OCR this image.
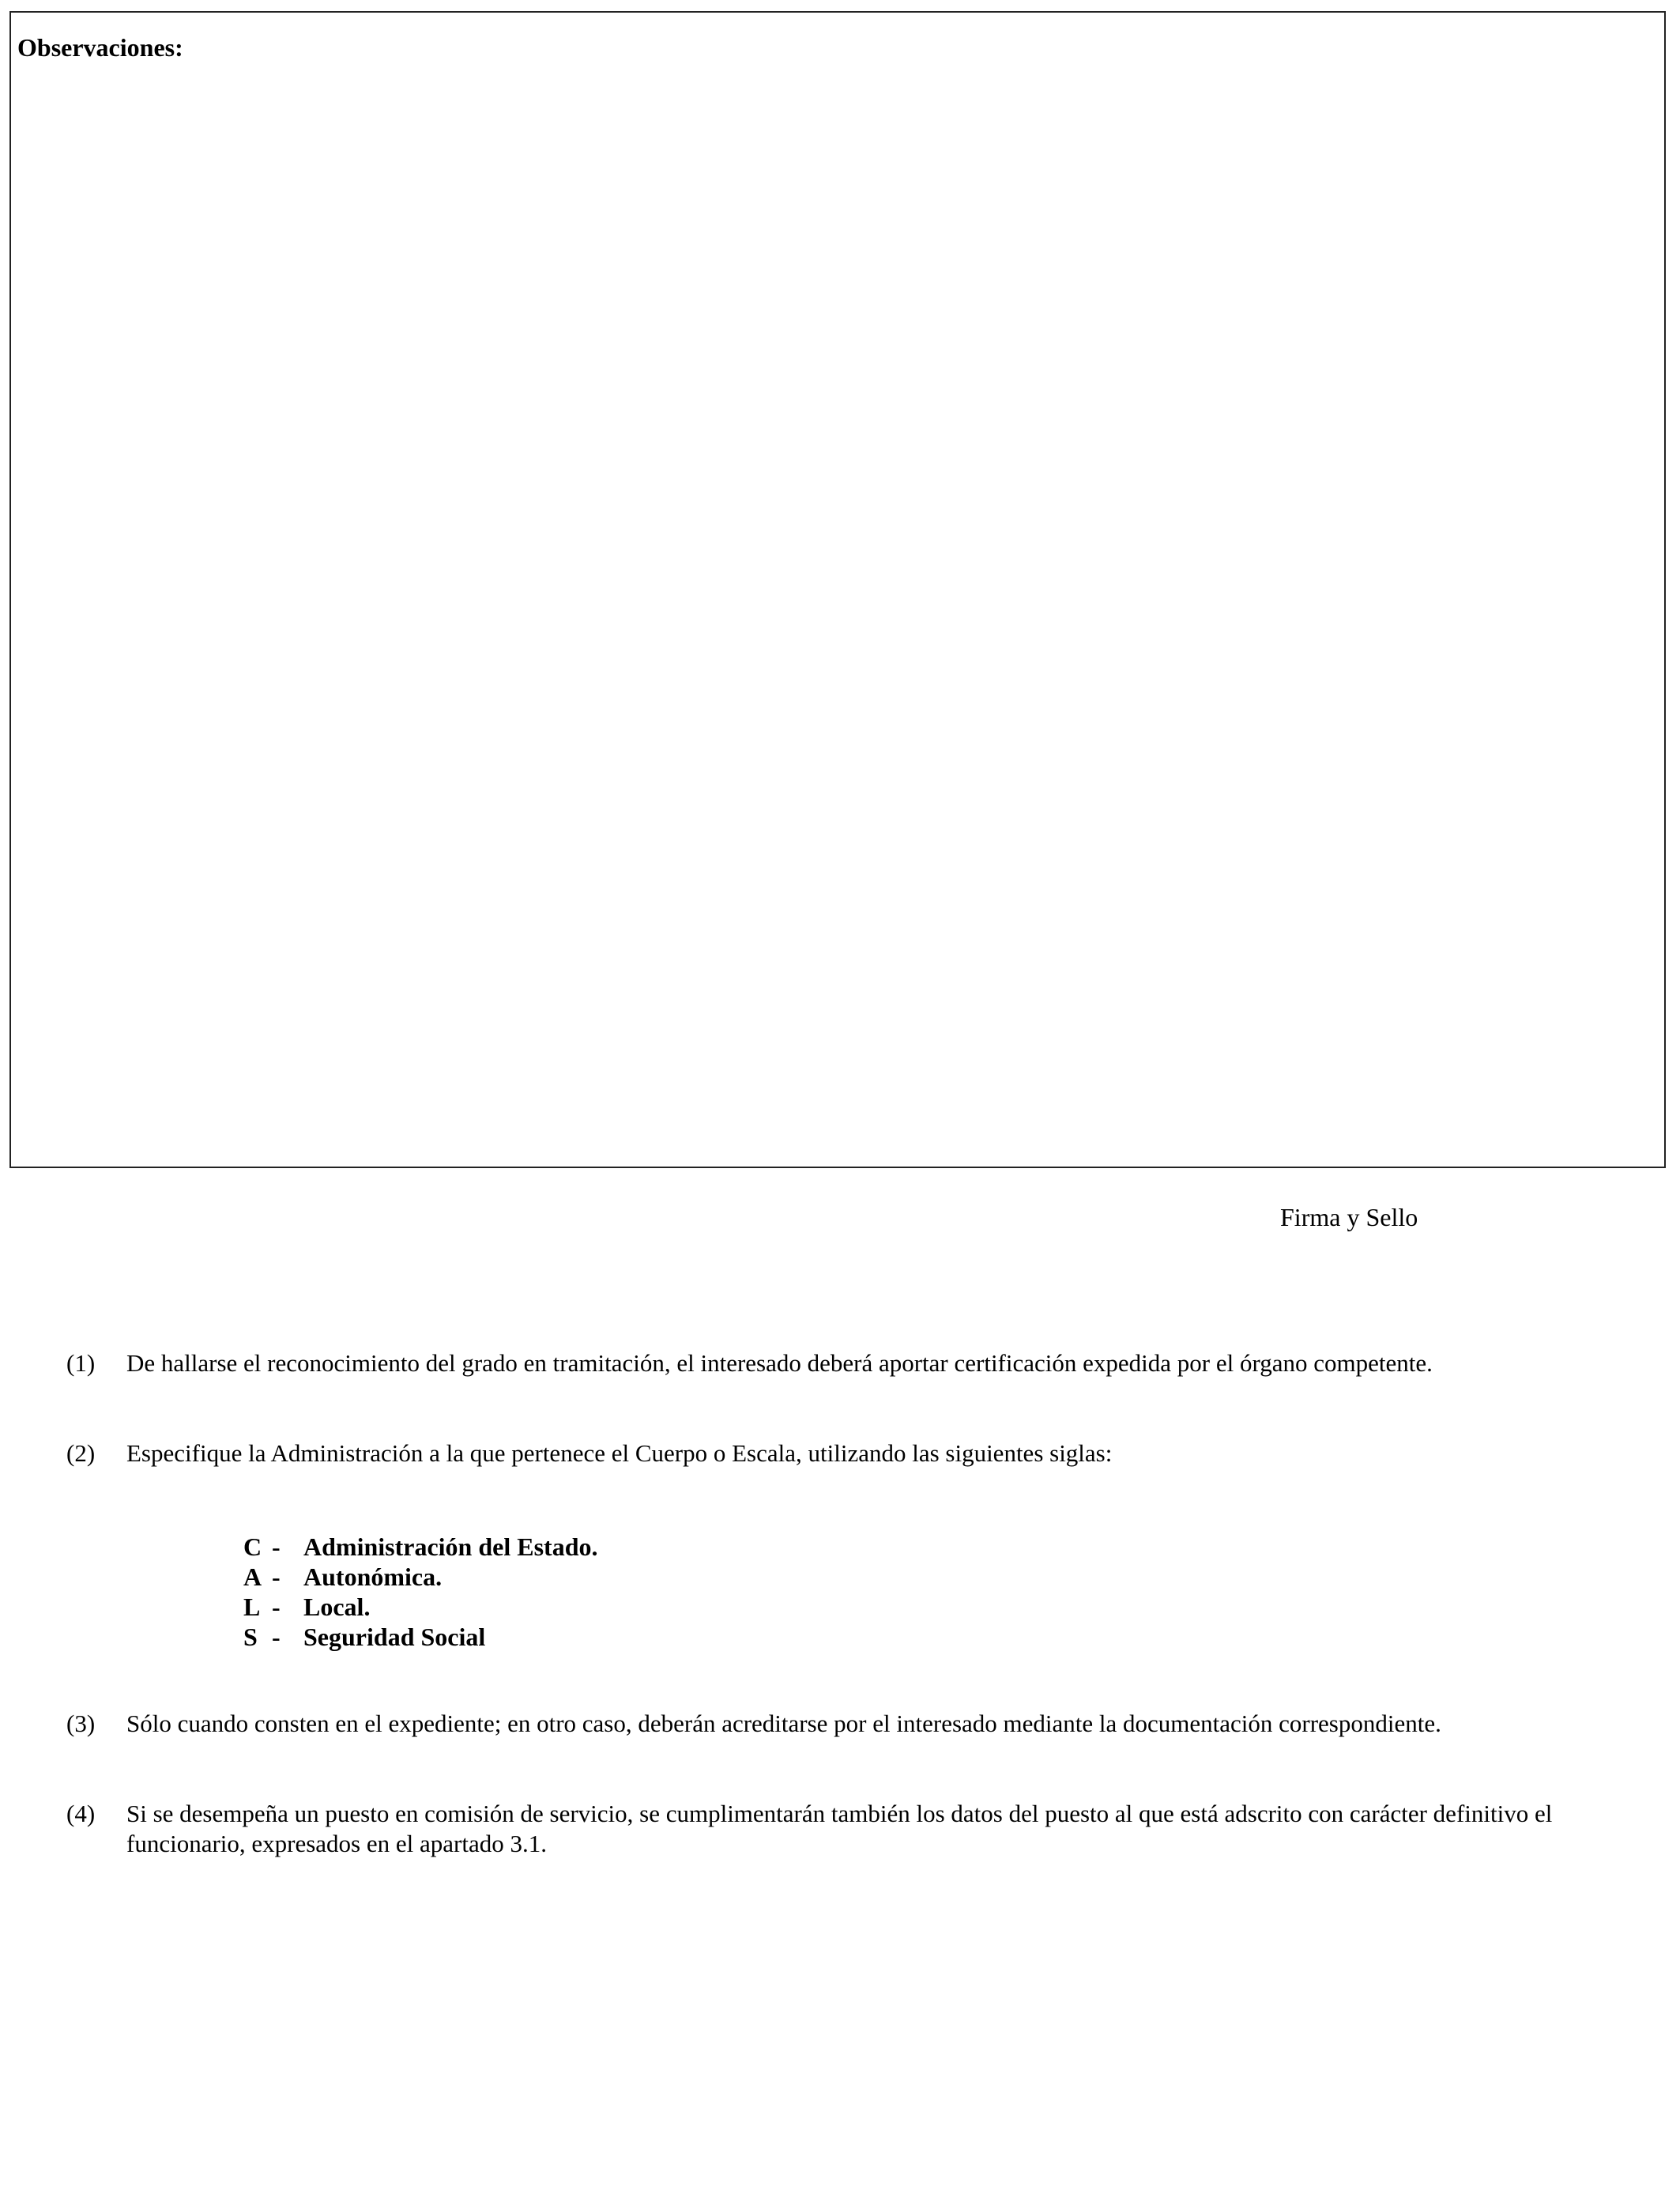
Observaciones:
Firma y Sello
(1)	De hallarse el reconocimiento del grado en tramitación, el interesado deberá aportar certificación expedida por el órgano competente.
(2)	Especifique la Administración a la que pertenece el Cuerpo o Escala, utilizando las siguientes siglas:
C - Administración del Estado.
A - Autonómica.
L - Local.
S - Seguridad Social
(3)	Sólo cuando consten en el expediente; en otro caso, deberán acreditarse por el interesado mediante la documentación correspondiente.
(4)	Si se desempeña un puesto en comisión de servicio, se cumplimentarán también los datos del puesto al que está adscrito con carácter definitivo el funcionario, expresados en el apartado 3.1.
